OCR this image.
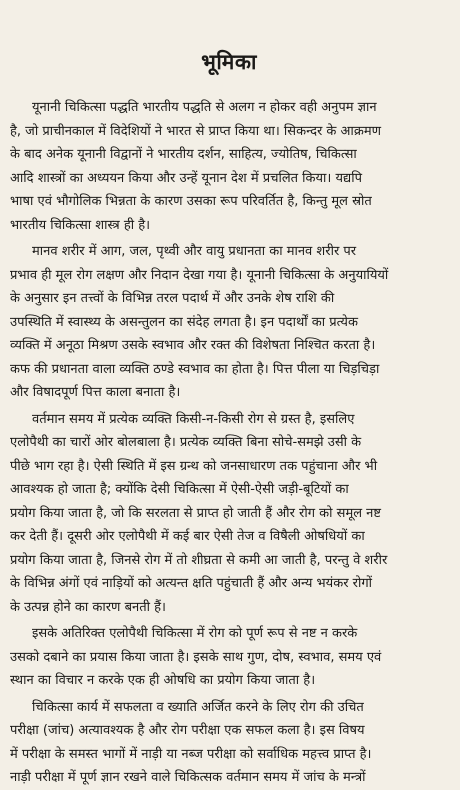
भूमिका
यूनानी चिकित्सा पद्धति भारतीय पद्धति से अलग न होकर वही अनुपम ज्ञान
है, जो प्राचीनकाल में विदेशियों ने भारत से प्राप्त किया था। सिकन्दर के आक्रमण
के बाद अनेक यूनानी विद्वानों ने भारतीय दर्शन, साहित्य, ज्योतिष, चिकित्सा
आदि शास्त्रों का अध्ययन किया और उन्हें यूनान देश में प्रचलित किया। यद्यपि
भाषा एवं भौगोलिक भिन्नता के कारण उसका रूप परिवर्तित है, किन्तु मूल स्रोत
भारतीय चिकित्सा शास्त्र ही है।
मानव शरीर में आग, जल, पृथ्वी और वायु प्रधानता का मानव शरीर पर
प्रभाव ही मूल रोग लक्षण और निदान देखा गया है। यूनानी चिकित्सा के अनुयायियों
के अनुसार इन तत्त्वों के विभिन्न तरल पदार्थ में और उनके शेष राशि की
उपस्थिति में स्वास्थ्य के असन्तुलन का संदेह लगता है। इन पदार्थों का प्रत्येक
व्यक्ति में अनूठा मिश्रण उसके स्वभाव और रक्त की विशेषता निश्चित करता है।
कफ की प्रधानता वाला व्यक्ति ठण्डे स्वभाव का होता है। पित्त पीला या चिड़चिड़ा
और विषादपूर्ण पित्त काला बनाता है।
वर्तमान समय में प्रत्येक व्यक्ति किसी-न-किसी रोग से ग्रस्त है, इसलिए
एलोपैथी का चारों ओर बोलबाला है। प्रत्येक व्यक्ति बिना सोचे-समझे उसी के
पीछे भाग रहा है। ऐसी स्थिति में इस ग्रन्थ को जनसाधारण तक पहुंचाना और भी
आवश्यक हो जाता है; क्योंकि देसी चिकित्सा में ऐसी-ऐसी जड़ी-बूटियों का
प्रयोग किया जाता है, जो कि सरलता से प्राप्त हो जाती हैं और रोग को समूल नष्ट
कर देती हैं। दूसरी ओर एलोपैथी में कई बार ऐसी तेज व विषैली ओषधियों का
प्रयोग किया जाता है, जिनसे रोग में तो शीघ्रता से कमी आ जाती है, परन्तु वे शरीर
के विभिन्न अंगों एवं नाड़ियों को अत्यन्त क्षति पहुंचाती हैं और अन्य भयंकर रोगों
के उत्पन्न होने का कारण बनती हैं।
इसके अतिरिक्त एलोपैथी चिकित्सा में रोग को पूर्ण रूप से नष्ट न करके
उसको दबाने का प्रयास किया जाता है। इसके साथ गुण, दोष, स्वभाव, समय एवं
स्थान का विचार न करके एक ही ओषधि का प्रयोग किया जाता है।
चिकित्सा कार्य में सफलता व ख्याति अर्जित करने के लिए रोग की उचित
परीक्षा (जांच) अत्यावश्यक है और रोग परीक्षा एक सफल कला है। इस विषय
में परीक्षा के समस्त भागों में नाड़ी या नब्ज परीक्षा को सर्वाधिक महत्त्व प्राप्त है।
नाड़ी परीक्षा में पूर्ण ज्ञान रखने वाले चिकित्सक वर्तमान समय में जांच के मन्त्रों
